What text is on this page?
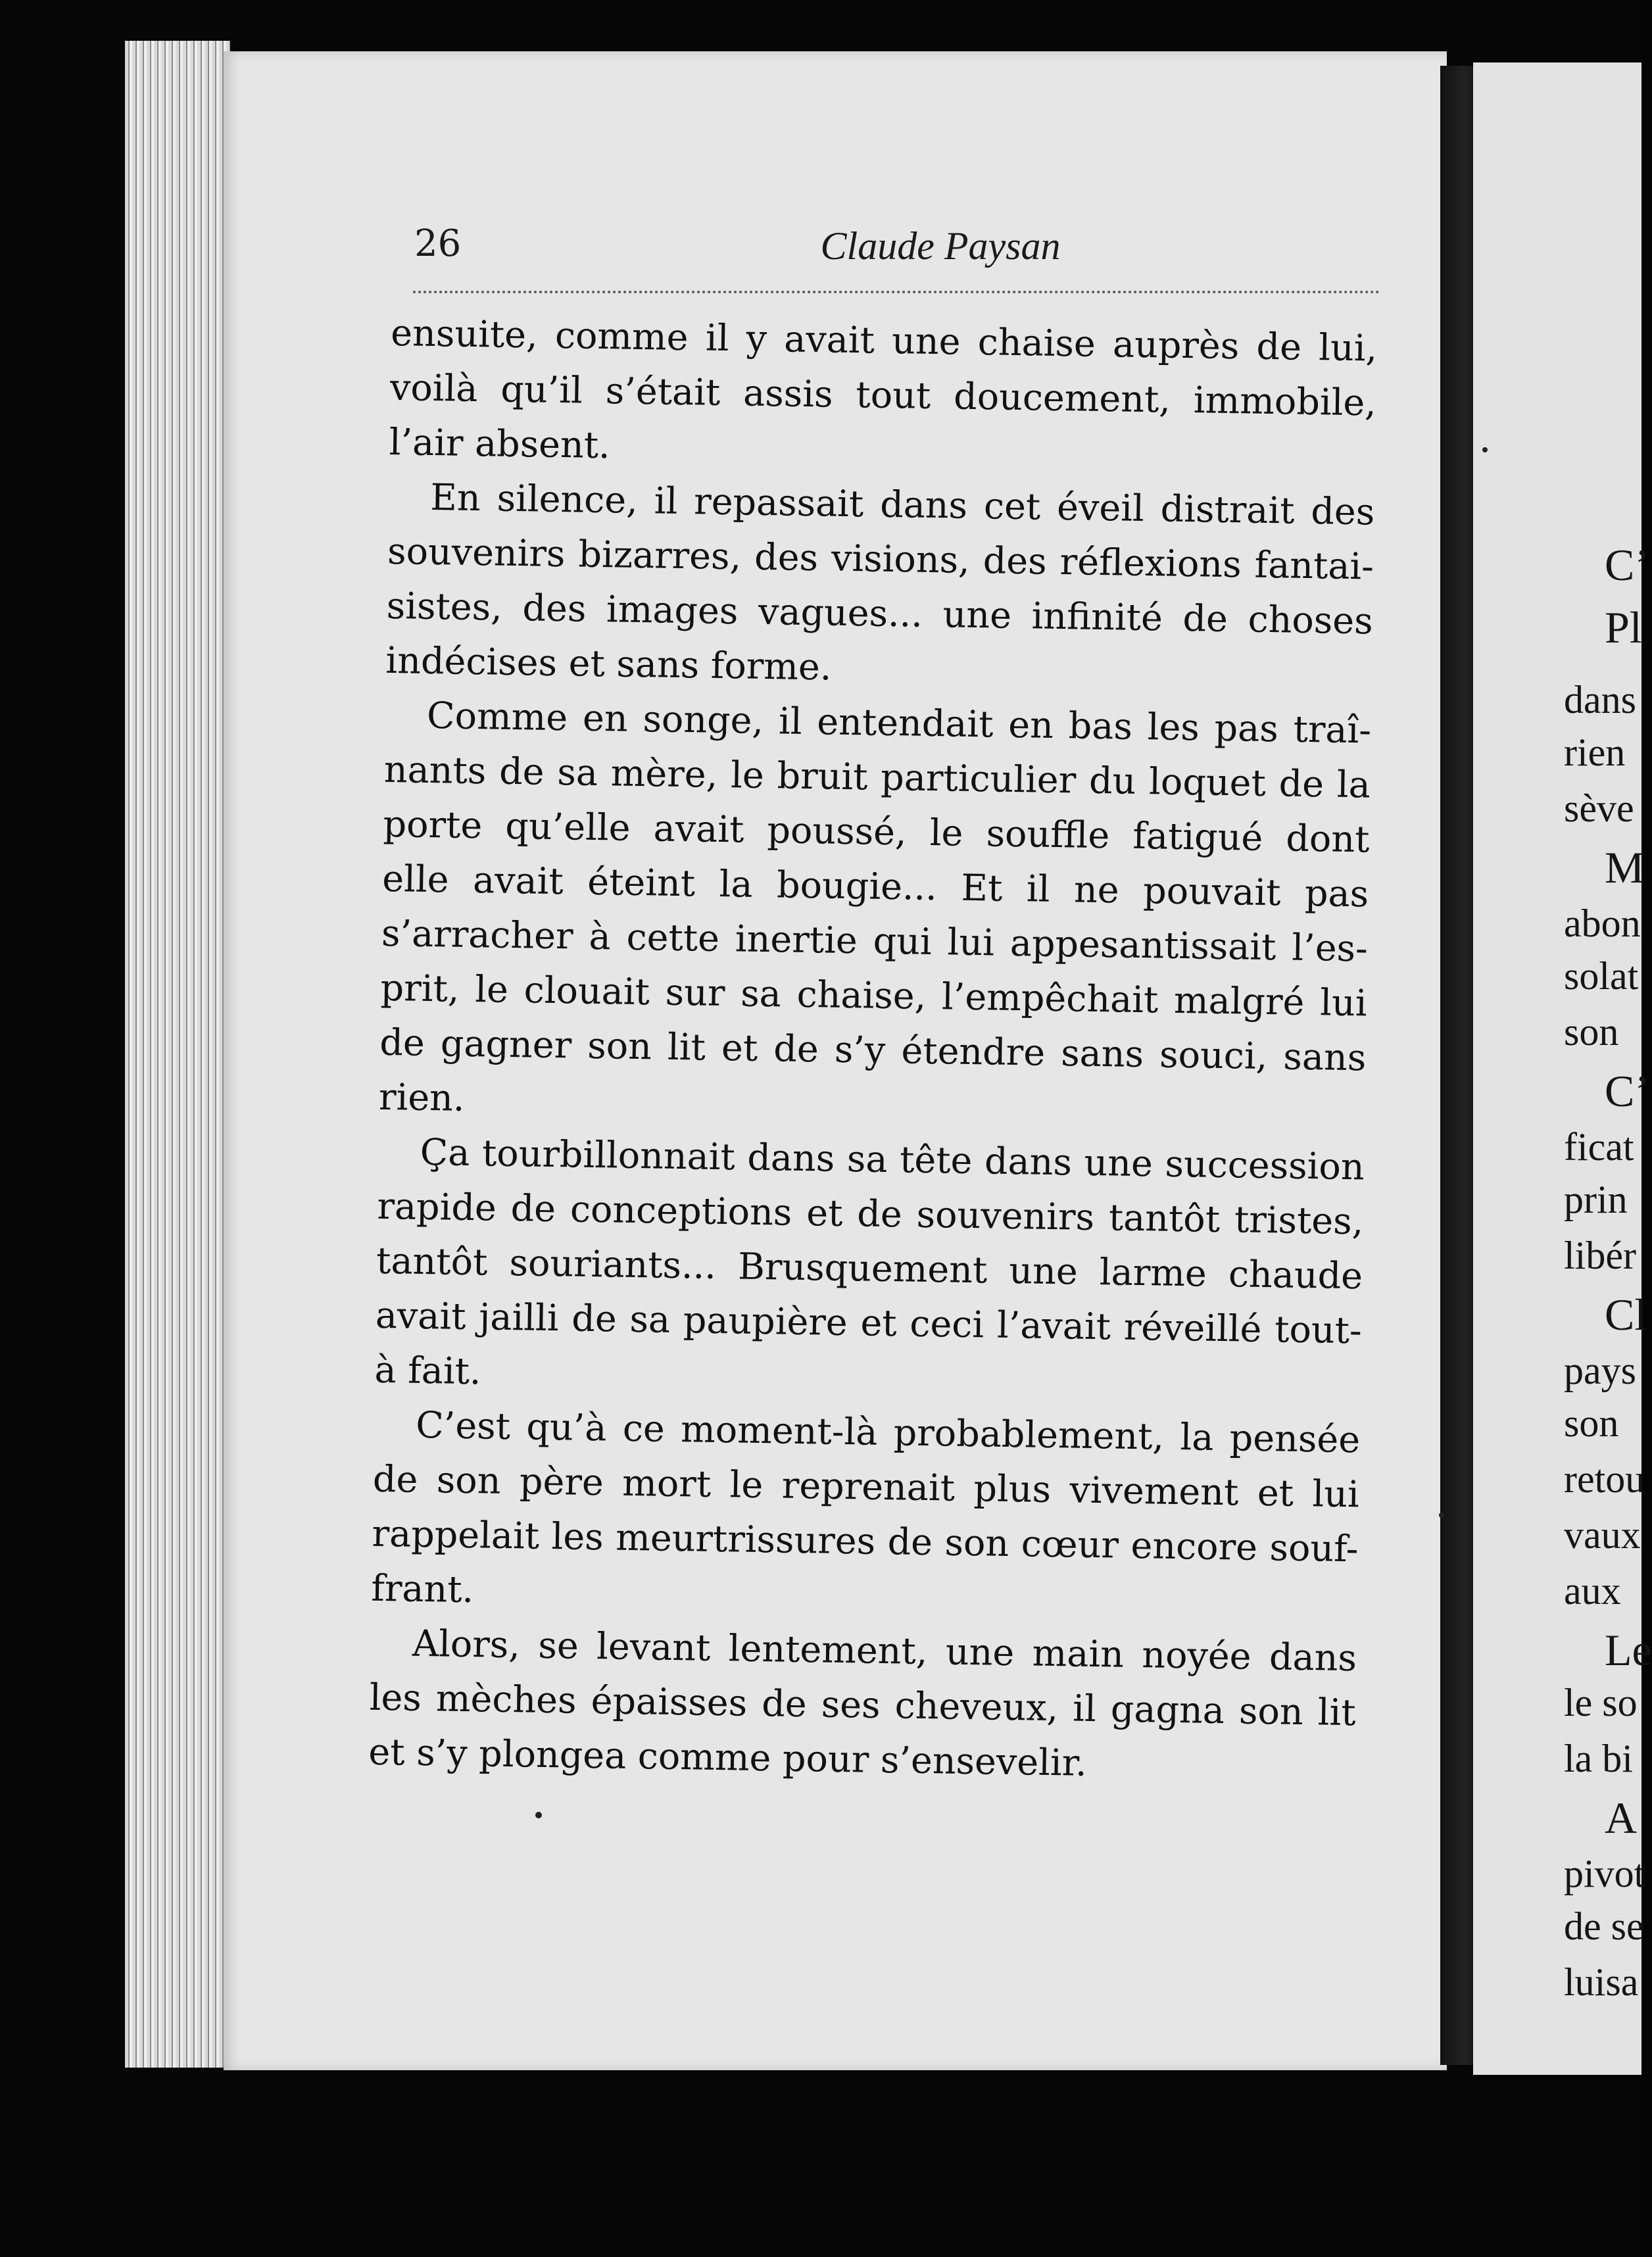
C’
Pl
dans
rien
sève
M
abon
solat
son
C’
ficat
prin
libér
Cl
pays
son
retou
vaux
aux
Le
le so
la bi
A
pivot
de se
luisa
26	Claude Paysan
ensuite, comme il y avait une chaise auprès de lui,
voilà qu’il s’était assis tout doucement, immobile,
l’air absent.
En silence, il repassait dans cet éveil distrait des
souvenirs bizarres, des visions, des réflexions fantai-
sistes, des images vagues... une infinité de choses
indécises et sans forme.
Comme en songe, il entendait en bas les pas traî-
nants de sa mère, le bruit particulier du loquet de la
porte qu’elle avait poussé, le souffle fatigué dont
elle avait éteint la bougie... Et il ne pouvait pas
s’arracher à cette inertie qui lui appesantissait l’es-
prit, le clouait sur sa chaise, l’empêchait malgré lui
de gagner son lit et de s’y étendre sans souci, sans
rien.
Ça tourbillonnait dans sa tête dans une succession
rapide de conceptions et de souvenirs tantôt tristes,
tantôt souriants... Brusquement une larme chaude
avait jailli de sa paupière et ceci l’avait réveillé tout-
à fait.
C’est qu’à ce moment-là probablement, la pensée
de son père mort le reprenait plus vivement et lui
rappelait les meurtrissures de son cœur encore souf-
frant.
Alors, se levant lentement, une main noyée dans
les mèches épaisses de ses cheveux, il gagna son lit
et s’y plongea comme pour s’ensevelir.
